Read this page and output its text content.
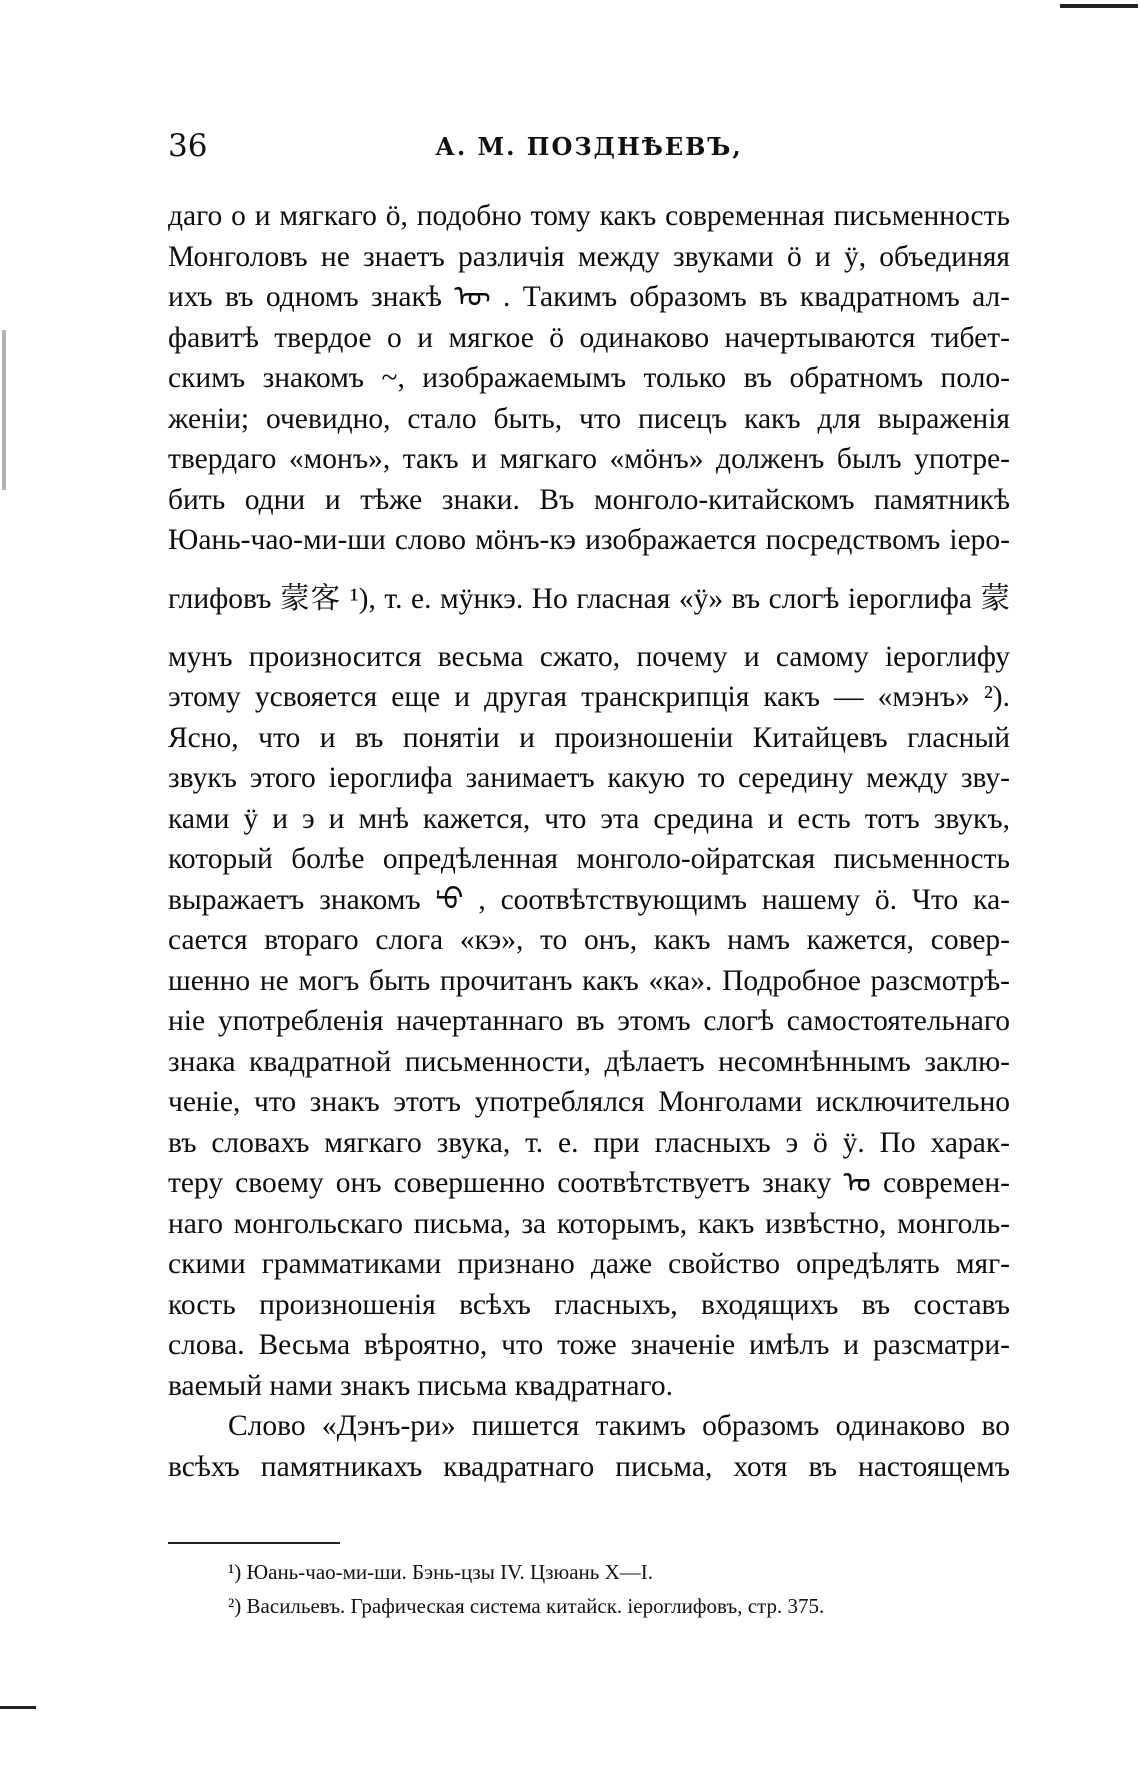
36	А. М. ПОЗДНѢЕВЪ,
даго о и мягкаго ö, подобно тому какъ современная письменность
Монголовъ не знаетъ различія между звуками ö и ÿ, объединяя
ихъ въ одномъ знакѣ ᠥ . Такимъ образомъ въ квадратномъ ал-
фавитѣ твердое о и мягкое ö одинаково начертываются тибет-
скимъ знакомъ ~, изображаемымъ только въ обратномъ поло-
женіи; очевидно, стало быть, что писецъ какъ для выраженія
твердаго «монъ», такъ и мягкаго «мöнъ» долженъ былъ употре-
бить одни и тѣже знаки. Въ монголо-китайскомъ памятникѣ
Юань-чао-ми-ши слово мöнъ-кэ изображается посредствомъ іеро-
глифовъ 蒙客 ¹), т. е. мÿнкэ. Но гласная «ÿ» въ слогѣ іероглифа 蒙
мунъ произносится весьма сжато, почему и самому іероглифу
этому усвояется еще и другая транскрипція какъ — «мэнъ» ²).
Ясно, что и въ понятіи и произношеніи Китайцевъ гласный
звукъ этого іероглифа занимаетъ какую то середину между зву-
ками ÿ и э и мнѣ кажется, что эта средина и есть тотъ звукъ,
который болѣе опредѣленная монголо-ойратская письменность
выражаетъ знакомъ ᡃᡉ , соотвѣтствующимъ нашему ö. Что ка-
сается втораго слога «кэ», то онъ, какъ намъ кажется, совер-
шенно не могъ быть прочитанъ какъ «ка». Подробное разсмотрѣ-
ніе употребленія начертаннаго въ этомъ слогѣ самостоятельнаго
знака квадратной письменности, дѣлаетъ несомнѣннымъ заклю-
ченіе, что знакъ этотъ употреблялся Монголами исключительно
въ словахъ мягкаго звука, т. е. при гласныхъ э ö ÿ. По харак-
теру своему онъ совершенно соотвѣтствуетъ знаку ᠣ современ-
наго монгольскаго письма, за которымъ, какъ извѣстно, монголь-
скими грамматиками признано даже свойство опредѣлять мяг-
кость произношенія всѣхъ гласныхъ, входящихъ въ составъ
слова. Весьма вѣроятно, что тоже значеніе имѣлъ и разсматри-
ваемый нами знакъ письма квадратнаго.
Слово «Дэнъ-ри» пишется такимъ образомъ одинаково во
всѣхъ памятникахъ квадратнаго письма, хотя въ настоящемъ
¹) Юань-чао-ми-ши. Бэнь-цзы IV. Цзюань X—I.
²) Васильевъ. Графическая система китайск. іероглифовъ, стр. 375.
